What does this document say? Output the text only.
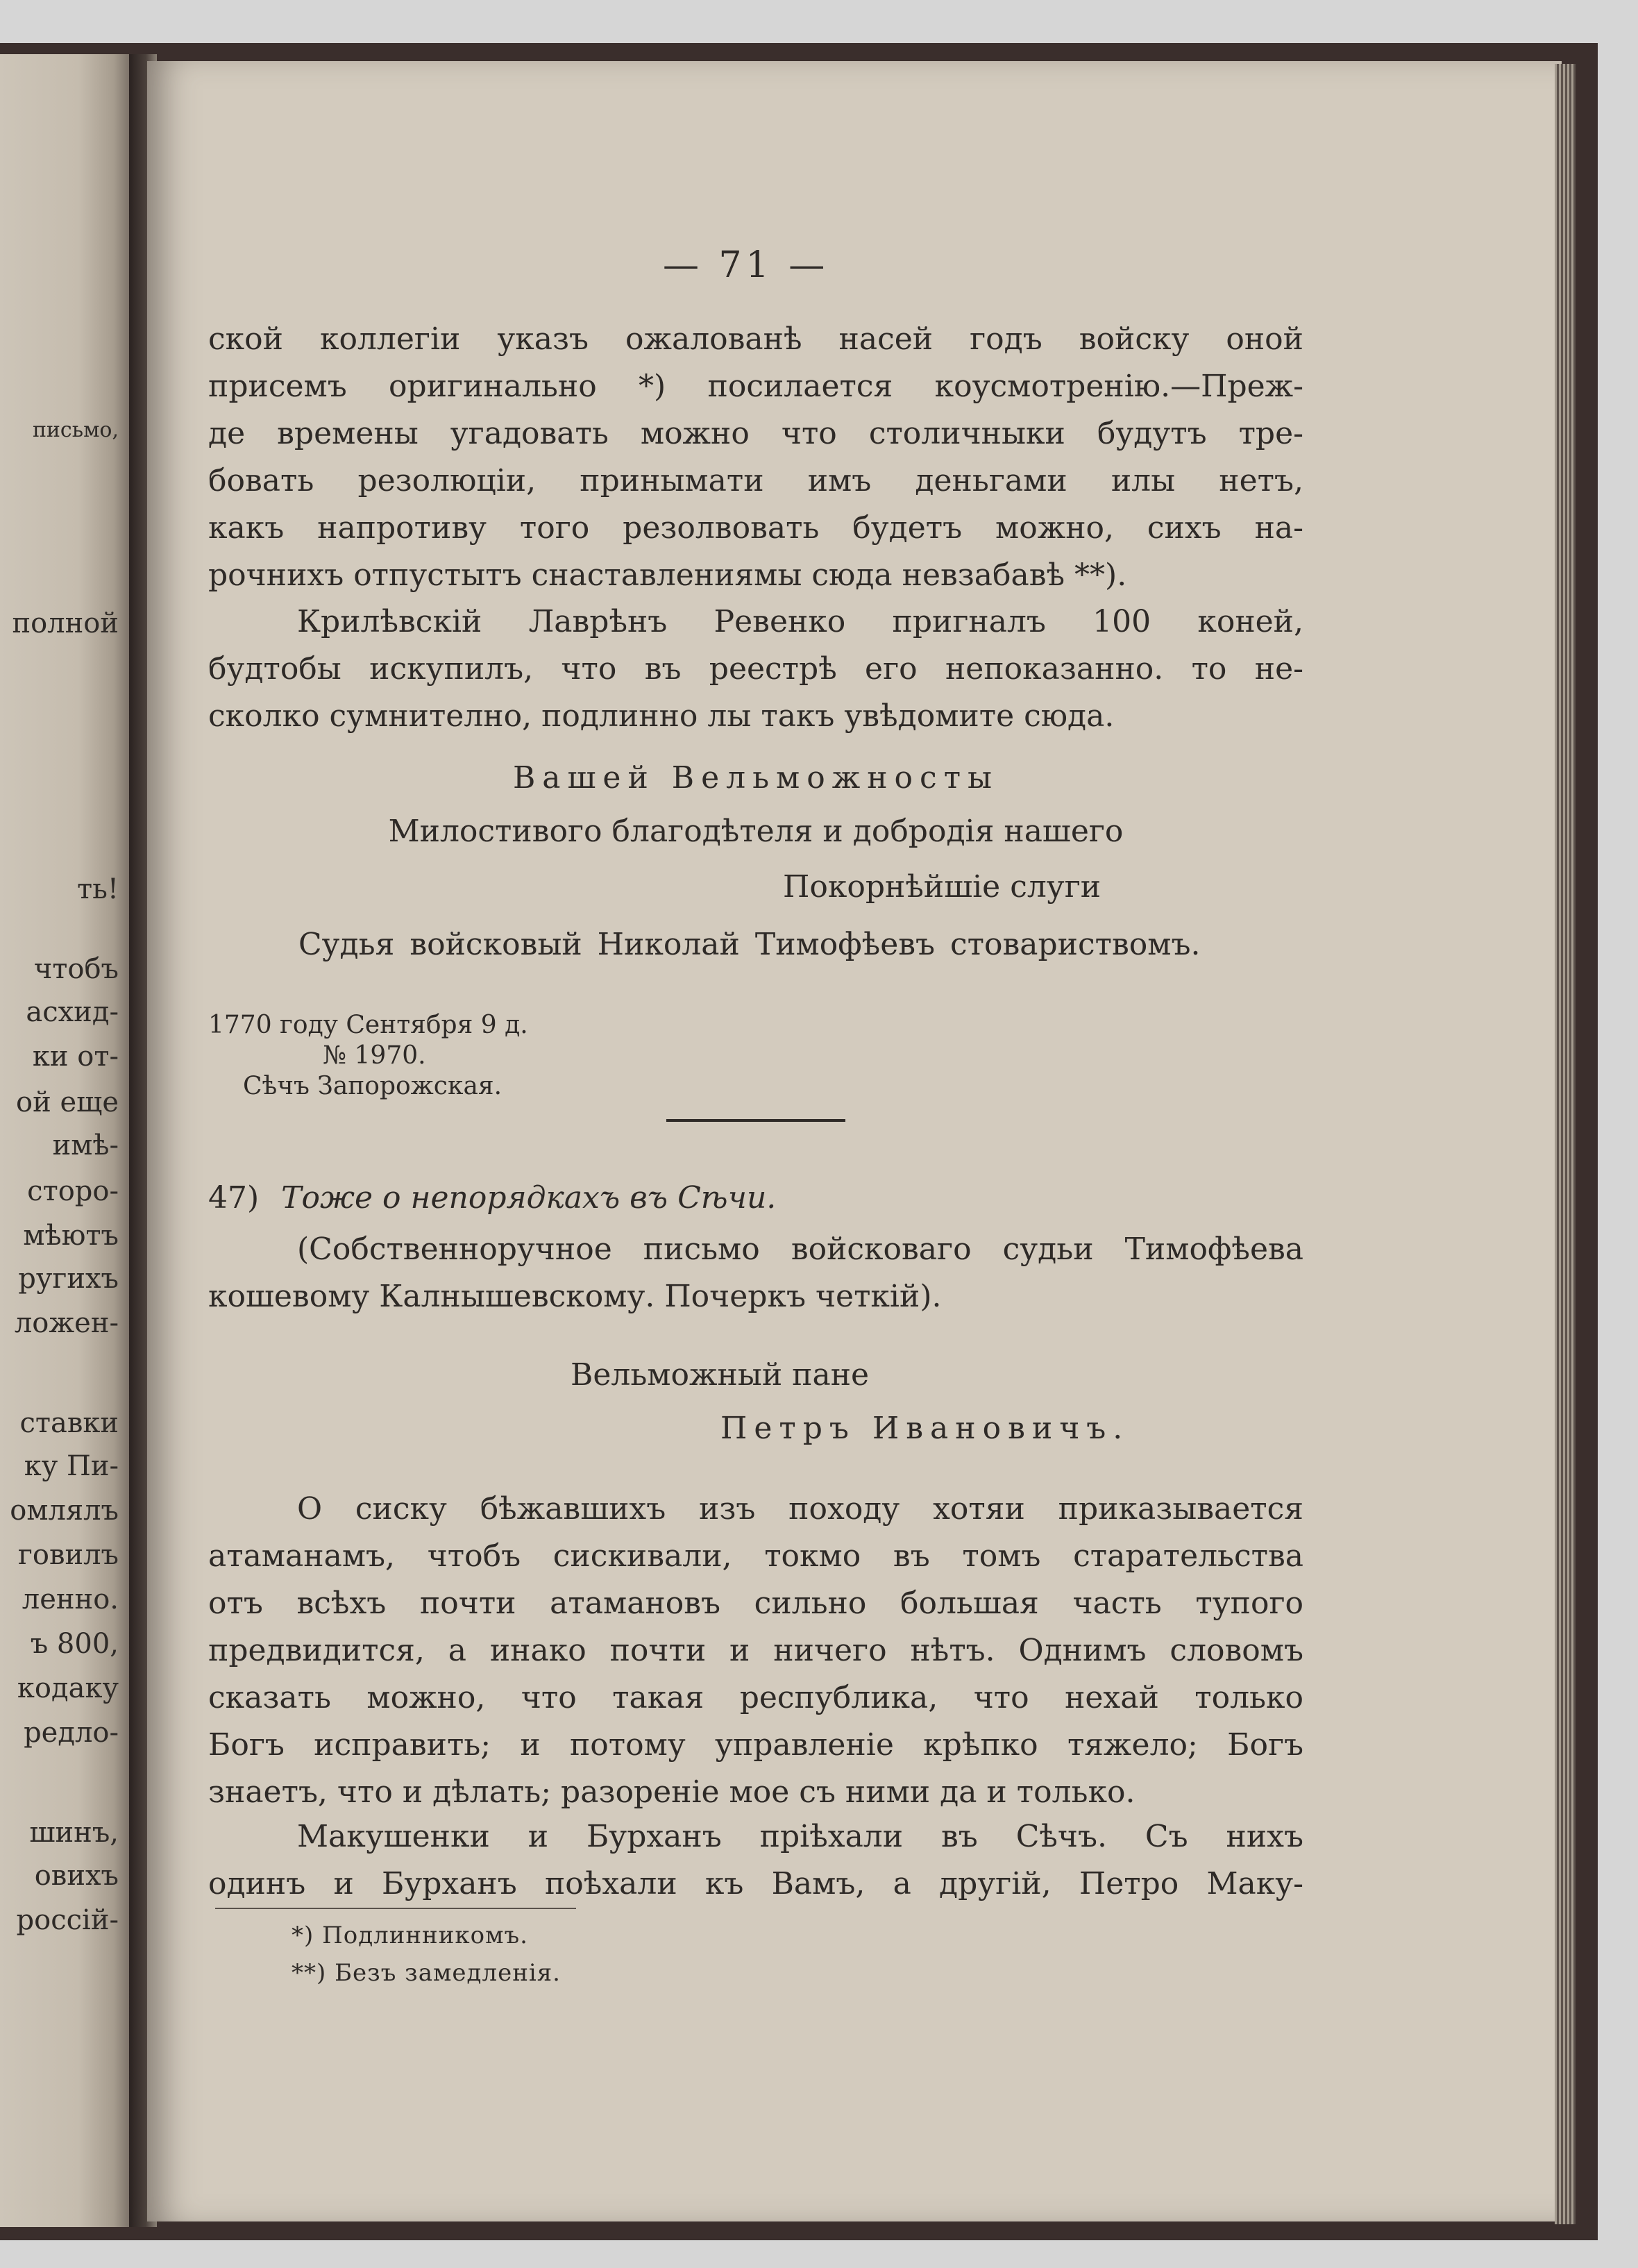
письмо,
полной
ть!
чтобъ
асхид-
ки от-
ой еще
имѣ-
сторо-
мѣютъ
ругихъ
ложен-
ставки
ку Пи-
омлялъ
говилъ
ленно.
ъ 800,
кодаку
редло-
шинъ,
овихъ
россій-
— 71 —
ской коллегіи указъ ожалованѣ насей годъ войску оной
присемъ оригинально *) посилается коусмотренію.—Преж-
де времены угадовать можно что столичныки будутъ тре-
бовать резолюціи, принымати имъ деньгами илы нетъ,
какъ напротиву того резолвовать будетъ можно, сихъ на-
рочнихъ отпустытъ снаставлениямы сюда невзабавѣ **).
Крилѣвскій Лаврѣнъ Ревенко пригналъ 100 коней,
будтобы искупилъ, что въ реестрѣ его непоказанно. то не-
сколко сумнително, подлинно лы такъ увѣдомите сюда.
Вашей Вельможносты
Милостивого благодѣтеля и добродія нашего
Покорнѣйшіе слуги
Судья войсковый Николай Тимофѣевъ стовариствомъ.
1770 году Сентября 9 д.
№ 1970.
Сѣчъ Запорожская.
47) Тоже о непорядкахъ въ Сѣчи.
(Собственноручное письмо войсковаго судьи Тимофѣева
кошевому Калнышевскому. Почеркъ четкій).
Вельможный пане
Петръ Ивановичъ.
О сиску бѣжавшихъ изъ походу хотяи приказывается
атаманамъ, чтобъ сискивали, токмо въ томъ старательства
отъ всѣхъ почти атамановъ сильно большая часть тупого
предвидится, а инако почти и ничего нѣтъ. Однимъ словомъ
сказать можно, что такая республика, что нехай только
Богъ исправить; и потому управленіе крѣпко тяжело; Богъ
знаетъ, что и дѣлать; разореніе мое съ ними да и только.
Макушенки и Бурханъ пріѣхали въ Сѣчъ. Съ нихъ
одинъ и Бурханъ поѣхали къ Вамъ, а другій, Петро Маку-
*) Подлинникомъ.
**) Безъ замедленія.
